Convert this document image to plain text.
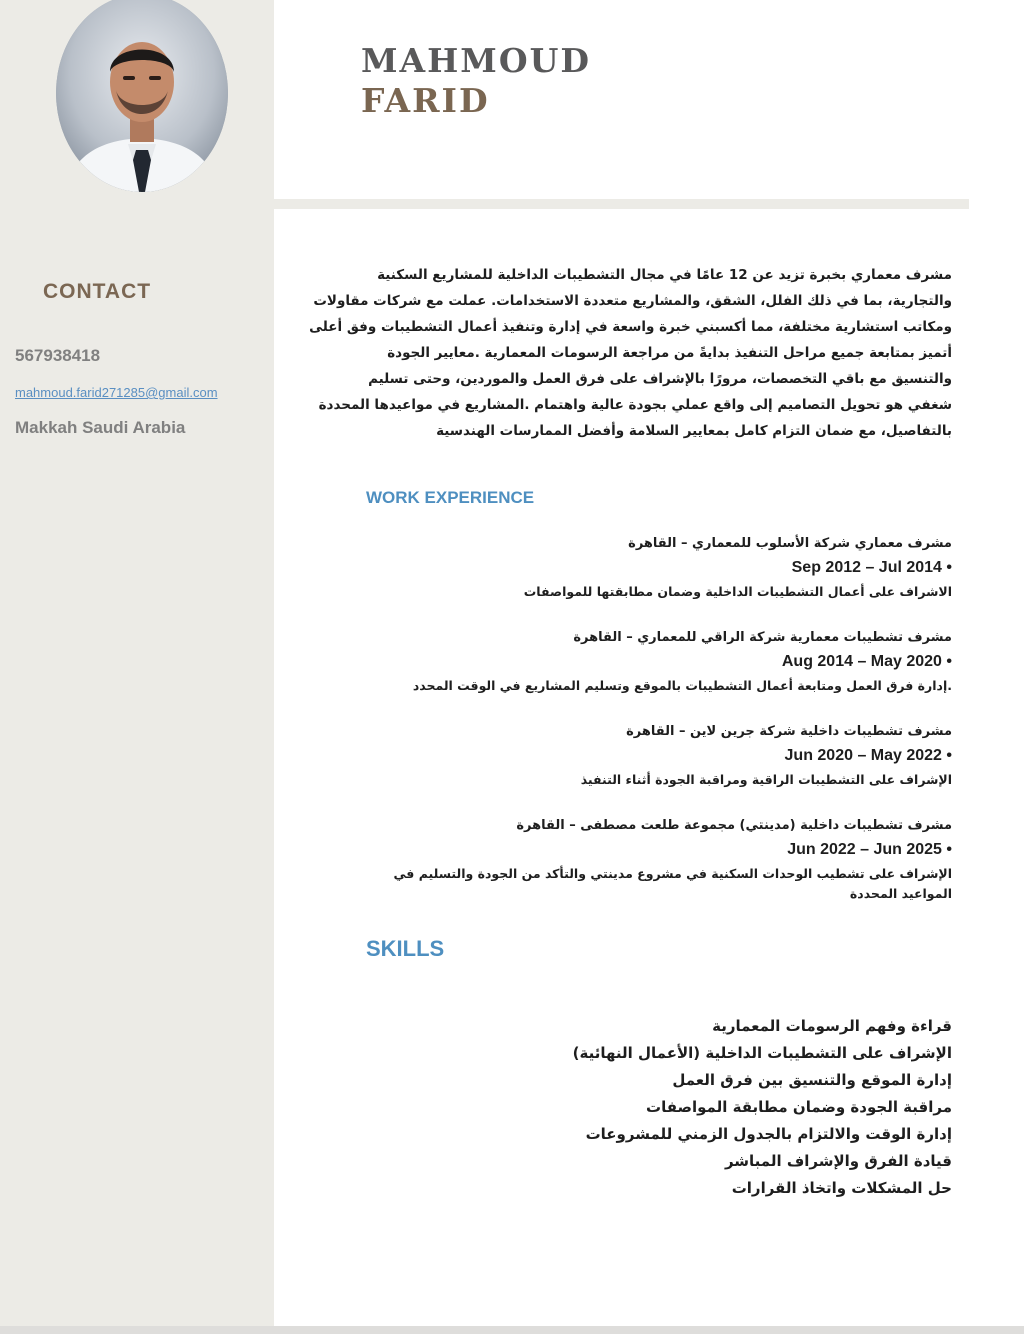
MAHMOUD
FARID
CONTACT
567938418
mahmoud.farid271285@gmail.com
Makkah Saudi Arabia
مشرف معماري بخبرة تزيد عن 12 عامًا في مجال التشطيبات الداخلية للمشاريع السكنية
والتجارية، بما في ذلك الفلل، الشقق، والمشاريع متعددة الاستخدامات. عملت مع شركات مقاولات
ومكاتب استشارية مختلفة، مما أكسبني خبرة واسعة في إدارة وتنفيذ أعمال التشطيبات وفق أعلى
أتميز بمتابعة جميع مراحل التنفيذ بدايةً من مراجعة الرسومات المعمارية .معايير الجودة
والتنسيق مع باقي التخصصات، مرورًا بالإشراف على فرق العمل والموردين، وحتى تسليم
شغفي هو تحويل التصاميم إلى واقع عملي بجودة عالية واهتمام .المشاريع في مواعيدها المحددة
بالتفاصيل، مع ضمان التزام كامل بمعايير السلامة وأفضل الممارسات الهندسية
WORK EXPERIENCE
مشرف معماري شركة الأسلوب للمعماري – القاهرة
Sep 2012 – Jul 2014 •
الاشراف على أعمال التشطيبات الداخلية وضمان مطابقتها للمواصفات
مشرف تشطيبات معمارية شركة الراقي للمعماري – القاهرة
Aug 2014 – May 2020 •
.إدارة فرق العمل ومتابعة أعمال التشطيبات بالموقع وتسليم المشاريع في الوقت المحدد
مشرف تشطيبات داخلية شركة جرين لاين – القاهرة
Jun 2020 – May 2022 •
الإشراف على التشطيبات الراقية ومراقبة الجودة أثناء التنفيذ
مشرف تشطيبات داخلية (مدينتي) مجموعة طلعت مصطفى – القاهرة
Jun 2022 – Jun 2025 •
الإشراف على تشطيب الوحدات السكنية في مشروع مدينتي والتأكد من الجودة والتسليم في المواعيد المحددة
SKILLS
قراءة وفهم الرسومات المعمارية
الإشراف على التشطيبات الداخلية (الأعمال النهائية)
إدارة الموقع والتنسيق بين فرق العمل
مراقبة الجودة وضمان مطابقة المواصفات
إدارة الوقت والالتزام بالجدول الزمني للمشروعات
قيادة الفرق والإشراف المباشر
حل المشكلات واتخاذ القرارات
